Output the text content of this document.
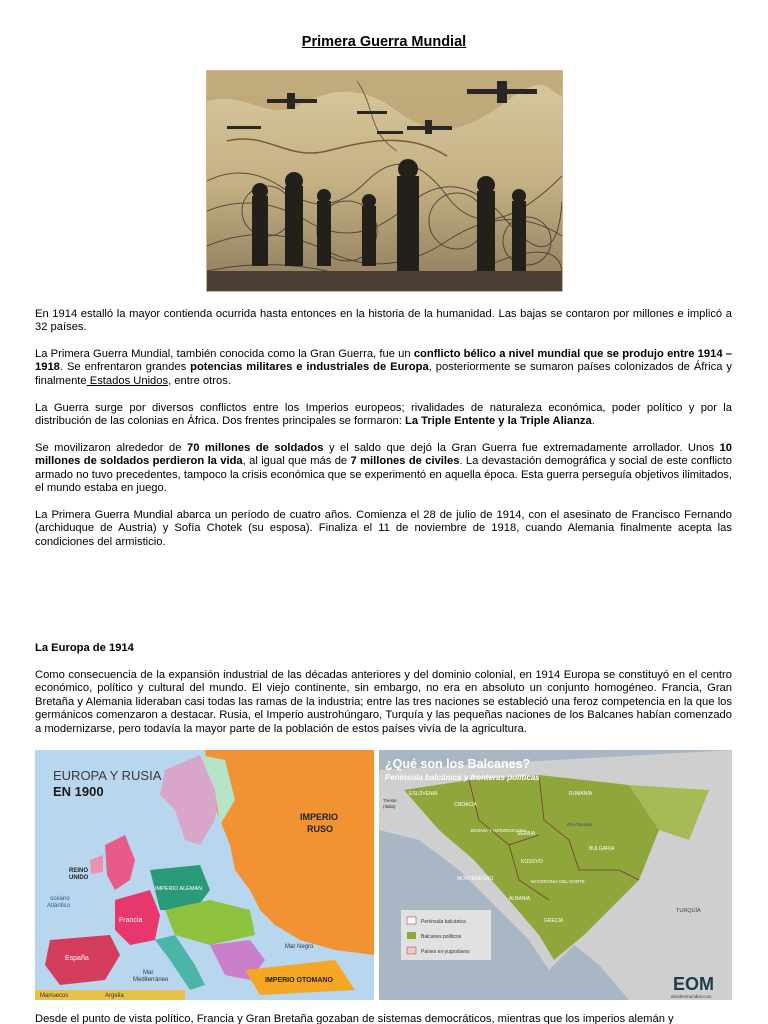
Primera Guerra Mundial

En 1914 estalló la mayor contienda ocurrida hasta entonces en la historia de la humanidad. Las bajas se contaron por millones e implicó a 32 países.

La Primera Guerra Mundial, también conocida como la Gran Guerra, fue un conflicto bélico a nivel mundial que se produjo entre 1914 – 1918. Se enfrentaron grandes potencias militares e industriales de Europa, posteriormente se sumaron países colonizados de África y finalmente Estados Unidos, entre otros.

La Guerra surge por diversos conflictos entre los Imperios europeos; rivalidades de naturaleza económica, poder político y por la distribución de las colonias en África. Dos frentes principales se formaron: La Triple Entente y la Triple Alianza.

Se movilizaron alrededor de 70 millones de soldados y el saldo que dejó la Gran Guerra fue extremadamente arrollador. Unos 10 millones de soldados perdieron la vida, al igual que más de 7 millones de civiles. La devastación demográfica y social de este conflicto armado no tuvo precedentes, tampoco la crisis económica que se experimentó en aquella época. Esta guerra perseguía objetivos ilimitados, el mundo estaba en juego.

La Primera Guerra Mundial abarca un período de cuatro años. Comienza el 28 de julio de 1914, con el asesinato de Francisco Fernando (archiduque de Austria) y Sofía Chotek (su esposa). Finaliza el 11 de noviembre de 1918, cuando Alemania finalmente acepta las condiciones del armisticio.

La Europa de 1914

Como consecuencia de la expansión industrial de las décadas anteriores y del dominio colonial, en 1914 Europa se constituyó en el centro económico, político y cultural del mundo. El viejo continente, sin embargo, no era en absoluto un conjunto homogéneo. Francia, Gran Bretaña y Alemania lideraban casi todas las ramas de la industria; entre las tres naciones se estableció una feroz competencia en la que los germánicos comenzaron a destacar. Rusia, el Imperio austrohúngaro, Turquía y las pequeñas naciones de los Balcanes habían comenzado a modernizarse, pero todavía la mayor parte de la población de estos países vivía de la agricultura.

EUROPA Y RUSIA
EN 1900
IMPERIO
RUSO
REINO
UNIDO
océano
Atlántico
Francia
IMPERIO ALEMÁN
España
IMPERIO OTOMANO
Mar Negro
Mar
Mediterráneo
Argelia
Marruecos
¿Qué son los Balcanes?
Península balcánica y fronteras políticas
ESLOVENIA
CROACIA
BOSNIA Y HERZEGOVINA
SERBIA
RUMANÍA
BULGARIA
MONTENEGRO
KOSOVO
MACEDONIA DEL NORTE
ALBANIA
GRECIA
TURQUÍA
Río Danubio
Trieste
(Italia)
Península balcánica
Balcanes políticos
Países ex-yugoslavos
EOM
elordenmundial.com

Desde el punto de vista político, Francia y Gran Bretaña gozaban de sistemas democráticos, mientras que los imperios alemán y
